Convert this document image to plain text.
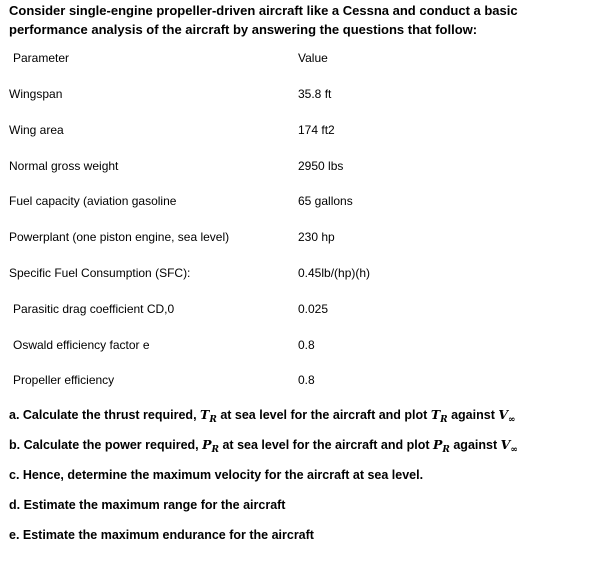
Consider single-engine propeller-driven aircraft like a Cessna and conduct a basic performance analysis of the aircraft by answering the questions that follow:
Parameter	Value
Wingspan	35.8 ft
Wing area	174 ft2
Normal gross weight	2950 lbs
Fuel capacity (aviation gasoline	65 gallons
Powerplant (one piston engine, sea level)	230 hp
Specific Fuel Consumption (SFC):	0.45lb/(hp)(h)
Parasitic drag coefficient CD,0	0.025
Oswald efficiency factor e	0.8
Propeller efficiency	0.8
a. Calculate the thrust required, $T_R$ at sea level for the aircraft and plot $T_R$ against $V_\infty$
b. Calculate the power required, $P_R$ at sea level for the aircraft and plot $P_R$ against $V_\infty$
c. Hence, determine the maximum velocity for the aircraft at sea level.
d. Estimate the maximum range for the aircraft
e. Estimate the maximum endurance for the aircraft
